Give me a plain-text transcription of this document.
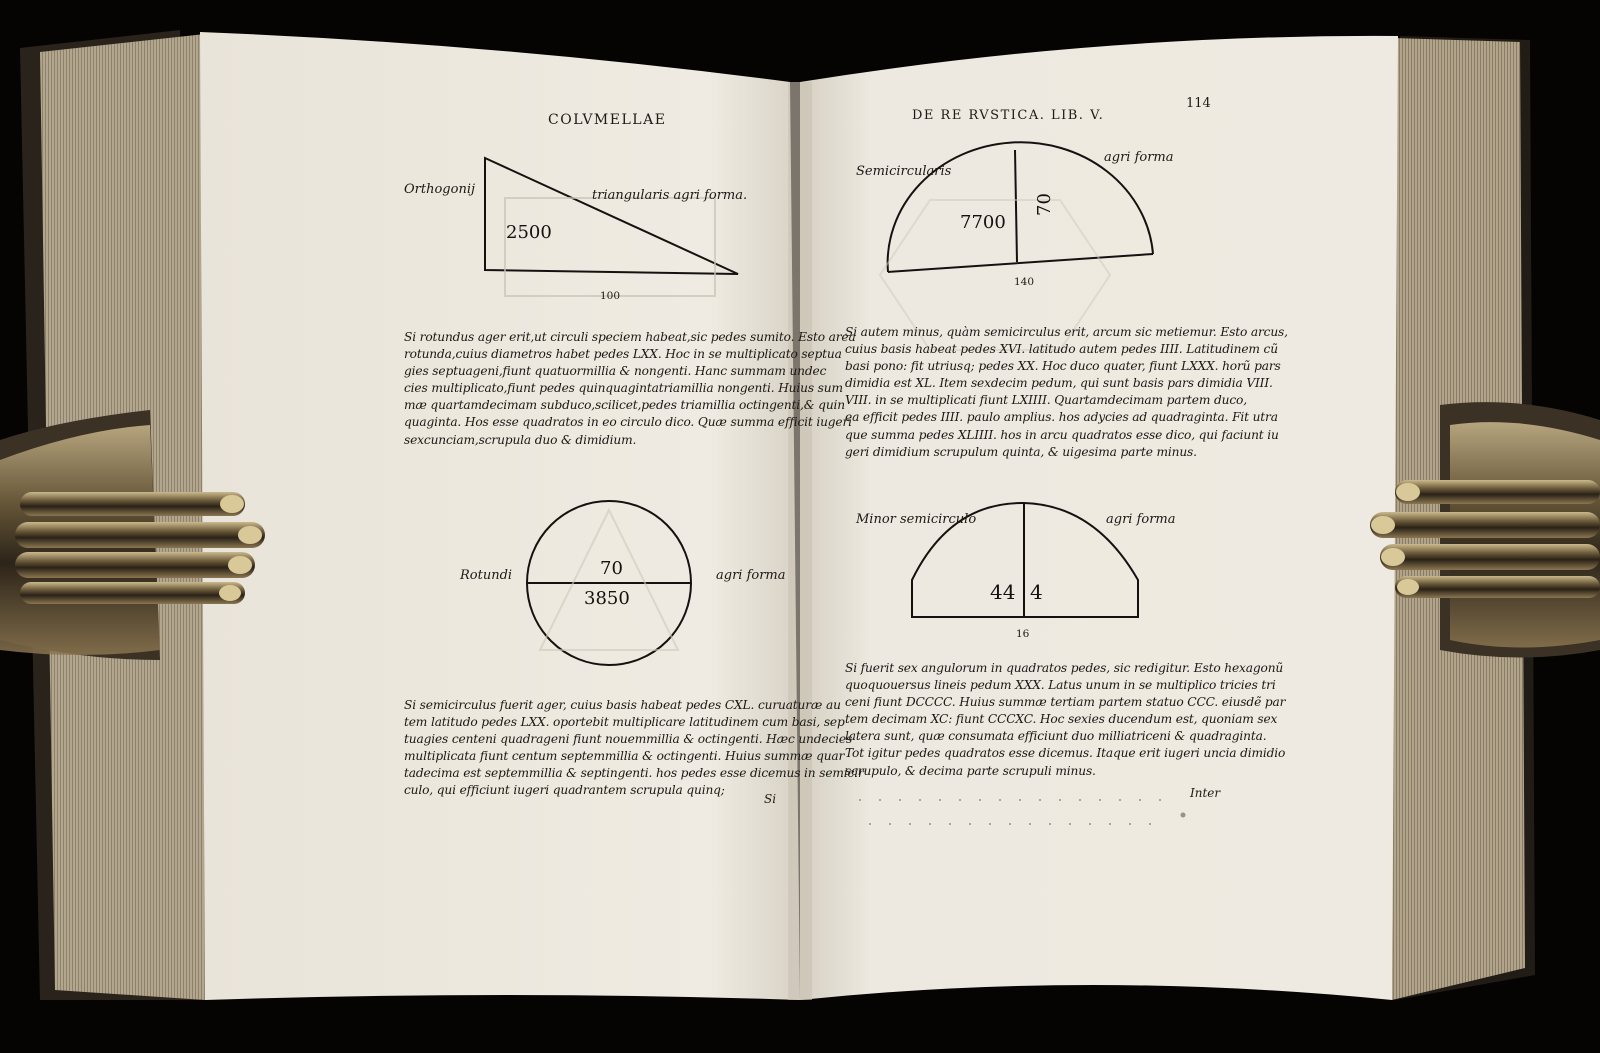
COLVMELLAE
Orthogonij	triangularis agri forma.
2500
100
Si rotundus ager erit,ut circuli speciem habeat,sic pedes sumito. Esto area
rotunda,cuius diametros habet pedes LXX. Hoc in se multiplicato septua
gies septuageni,fiunt quatuormillia & nongenti. Hanc summam undec
cies multiplicato,fiunt pedes quinquagintatriamillia nongenti. Huius sum
mæ quartamdecimam subduco,scilicet,pedes triamillia octingenti,& quin
quaginta. Hos esse quadratos in eo circulo dico. Quæ summa efficit iugeri
sexcunciam,scrupula duo & dimidium.
Rotundi	agri forma
70
3850
Si semicirculus fuerit ager, cuius basis habeat pedes CXL. curuaturæ au
tem latitudo pedes LXX. oportebit multiplicare latitudinem cum basi, sep
tuagies centeni quadrageni fiunt nouemmillia & octingenti. Hæc undecies
multiplicata fiunt centum septemmillia & octingenti. Huius summæ quar
tadecima est septemmillia & septingenti. hos pedes esse dicemus in semicir
culo, qui efficiunt iugeri quadrantem scrupula quinq;
Si
DE RE RVSTICA. LIB. V.
114
Semicircularis
agri forma
7700
70
140
Si autem minus, quàm semicirculus erit, arcum sic metiemur. Esto arcus,
cuius basis habeat pedes XVI. latitudo autem pedes IIII. Latitudinem cũ
basi pono: fit utriusq; pedes XX. Hoc duco quater, fiunt LXXX. horũ pars
dimidia est XL. Item sexdecim pedum, qui sunt basis pars dimidia VIII.
VIII. in se multiplicati fiunt LXIIII. Quartamdecimam partem duco,
ea efficit pedes IIII. paulo amplius. hos adycies ad quadraginta. Fit utra
que summa pedes XLIIII. hos in arcu quadratos esse dico, qui faciunt iu
geri dimidium scrupulum quinta, & uigesima parte minus.
Minor semicirculo	agri forma
44 4
16
Si fuerit sex angulorum in quadratos pedes, sic redigitur. Esto hexagonũ
quoquouersus lineis pedum XXX. Latus unum in se multiplico tricies tri
ceni fiunt DCCCC. Huius summæ tertiam partem statuo CCC. eiusdẽ par
tem decimam XC: fiunt CCCXC. Hoc sexies ducendum est, quoniam sex
latera sunt, quæ consumata efficiunt duo milliatriceni & quadraginta.
Tot igitur pedes quadratos esse dicemus. Itaque erit iugeri uncia dimidio
scrupulo, & decima parte scrupuli minus.
Inter
